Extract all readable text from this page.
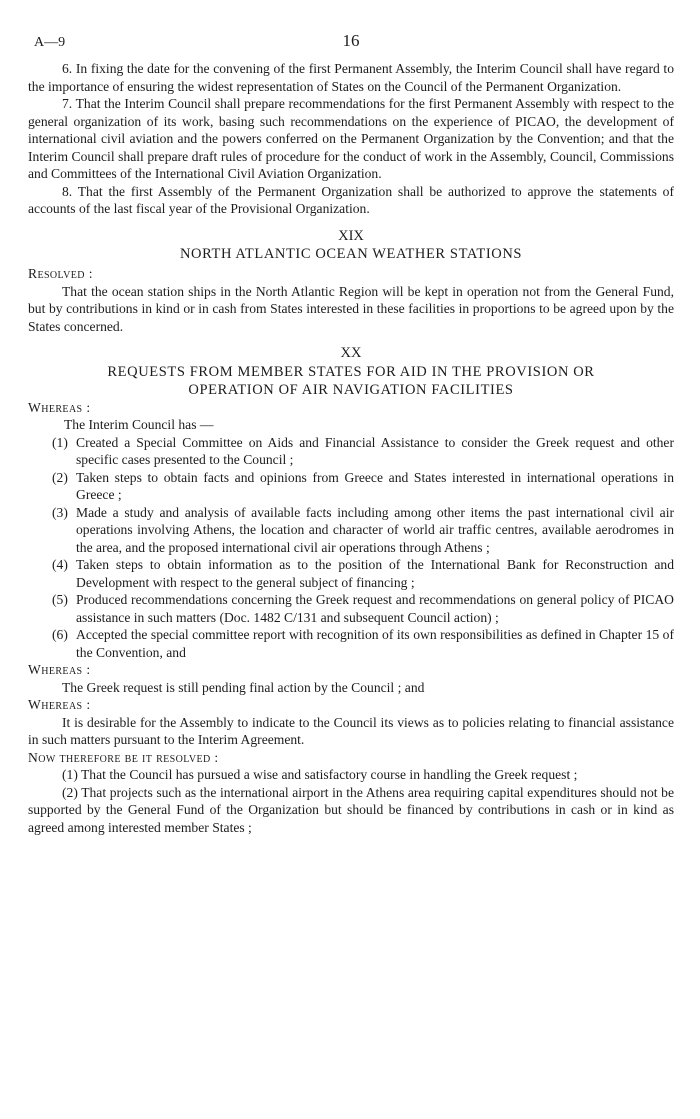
A—9	16

6. In fixing the date for the convening of the first Permanent Assembly, the Interim Council shall have regard to the importance of ensuring the widest representation of States on the Council of the Permanent Organization.

7. That the Interim Council shall prepare recommendations for the first Permanent Assembly with respect to the general organization of its work, basing such recommendations on the experience of PICAO, the development of international civil aviation and the powers conferred on the Permanent Organization by the Convention; and that the Interim Council shall prepare draft rules of procedure for the conduct of work in the Assembly, Council, Commissions and Committees of the International Civil Aviation Organization.

8. That the first Assembly of the Permanent Organization shall be authorized to approve the statements of accounts of the last fiscal year of the Provisional Organization.

XIX
NORTH ATLANTIC OCEAN WEATHER STATIONS
Resolved :

That the ocean station ships in the North Atlantic Region will be kept in operation not from the General Fund, but by contributions in kind or in cash from States interested in these facilities in proportions to be agreed upon by the States concerned.

XX
REQUESTS FROM MEMBER STATES FOR AID IN THE PROVISION OR
OPERATION OF AIR NAVIGATION FACILITIES
Whereas :
The Interim Council has —
(1) Created a Special Committee on Aids and Financial Assistance to consider the Greek request and other specific cases presented to the Council ;
(2) Taken steps to obtain facts and opinions from Greece and States interested in international operations in Greece ;
(3) Made a study and analysis of available facts including among other items the past international civil air operations involving Athens, the location and character of world air traffic centres, available aerodromes in the area, and the proposed international civil air operations through Athens ;
(4) Taken steps to obtain information as to the position of the International Bank for Reconstruction and Development with respect to the general subject of financing ;
(5) Produced recommendations concerning the Greek request and recommendations on general policy of PICAO assistance in such matters (Doc. 1482 C/131 and subsequent Council action) ;
(6) Accepted the special committee report with recognition of its own responsibilities as defined in Chapter 15 of the Convention, and
Whereas :

The Greek request is still pending final action by the Council ; and

Whereas :

It is desirable for the Assembly to indicate to the Council its views as to policies relating to financial assistance in such matters pursuant to the Interim Agreement.

Now therefore be it resolved :

(1) That the Council has pursued a wise and satisfactory course in handling the Greek request ;

(2) That projects such as the international airport in the Athens area requiring capital expenditures should not be supported by the General Fund of the Organization but should be financed by contributions in cash or in kind as agreed among interested member States ;
